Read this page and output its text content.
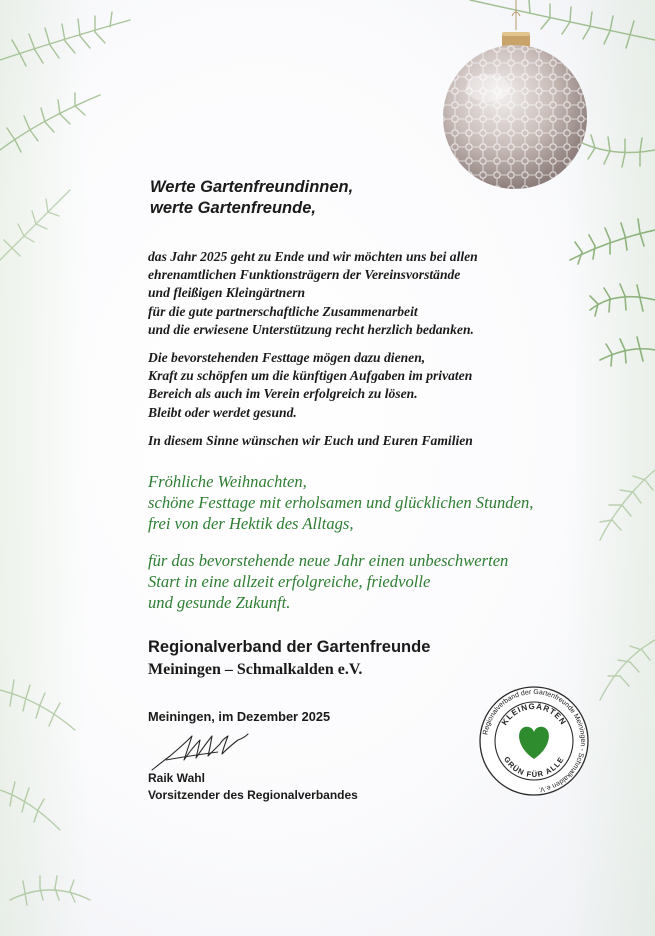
Werte Gartenfreundinnen,
werte Gartenfreunde,

das Jahr 2025 geht zu Ende und wir möchten uns bei allen
ehrenamtlichen Funktionsträgern der Vereinsvorstände
und fleißigen Kleingärtnern
für die gute partnerschaftliche Zusammenarbeit
und die erwiesene Unterstützung recht herzlich bedanken.

Die bevorstehenden Festtage mögen dazu dienen,
Kraft zu schöpfen um die künftigen Aufgaben im privaten
Bereich als auch im Verein erfolgreich zu lösen.
Bleibt oder werdet gesund.

In diesem Sinne wünschen wir Euch und Euren Familien

Fröhliche Weihnachten,
schöne Festtage mit erholsamen und glücklichen Stunden,
frei von der Hektik des Alltags,

für das bevorstehende neue Jahr einen unbeschwerten
Start in eine allzeit erfolgreiche, friedvolle
und gesunde Zukunft.

Regionalverband der Gartenfreunde

Meiningen – Schmalkalden e.V.

Meiningen, im Dezember 2025

Raik Wahl

Vorsitzender des Regionalverbandes

Regionalverband der Gartenfreunde Meiningen - Schmalkalden e.V.
KLEINGÄRTEN
GRÜN FÜR ALLE
